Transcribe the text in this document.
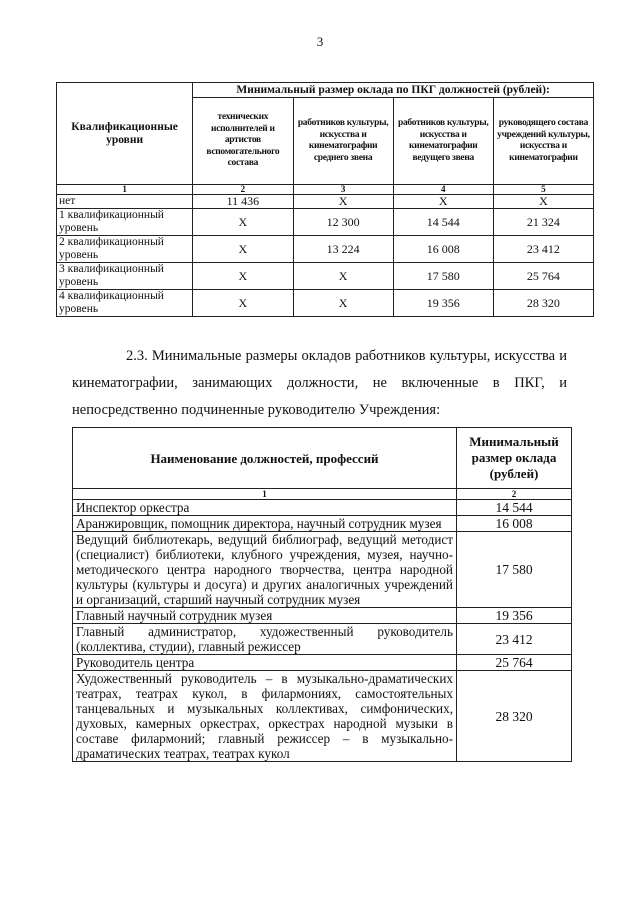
3
Квалификационные уровни	Минимальный размер оклада по ПКГ должностей (рублей):			
	технических исполнителей и артистов вспомогательного состава	работников культуры, искусства и кинематографии среднего звена	работников культуры, искусства и кинематографии ведущего звена	руководящего состава учреждений культуры, искусства и кинематографии
1	2	3	4	5
нет	11 436	Х	Х	Х
1 квалификационный уровень	Х	12 300	14 544	21 324
2 квалификационный уровень	Х	13 224	16 008	23 412
3 квалификационный уровень	Х	Х	17 580	25 764
4 квалификационный уровень	Х	Х	19 356	28 320
2.3. Минимальные размеры окладов работников культуры, искусства и кинематографии, занимающих должности, не включенные в ПКГ, и непосредственно подчиненные руководителю Учреждения:
Наименование должностей, профессий	Минимальный размер оклада (рублей)
1	2
Инспектор оркестра	14 544
Аранжировщик, помощник директора, научный сотрудник музея	16 008
Ведущий библиотекарь, ведущий библиограф, ведущий методист (специалист) библиотеки, клубного учреждения, музея, научно-методического центра народного творчества, центра народной культуры (культуры и досуга) и других аналогичных учреждений и организаций, старший научный сотрудник музея	17 580
Главный научный сотрудник музея	19 356
Главный администратор, художественный руководитель (коллектива, студии), главный режиссер	23 412
Руководитель центра	25 764
Художественный руководитель – в музыкально-драматических театрах, театрах кукол, в филармониях, самостоятельных танцевальных и музыкальных коллективах, симфонических, духовых, камерных оркестрах, оркестрах народной музыки в составе филармоний; главный режиссер – в музыкально-драматических театрах, театрах кукол	28 320
